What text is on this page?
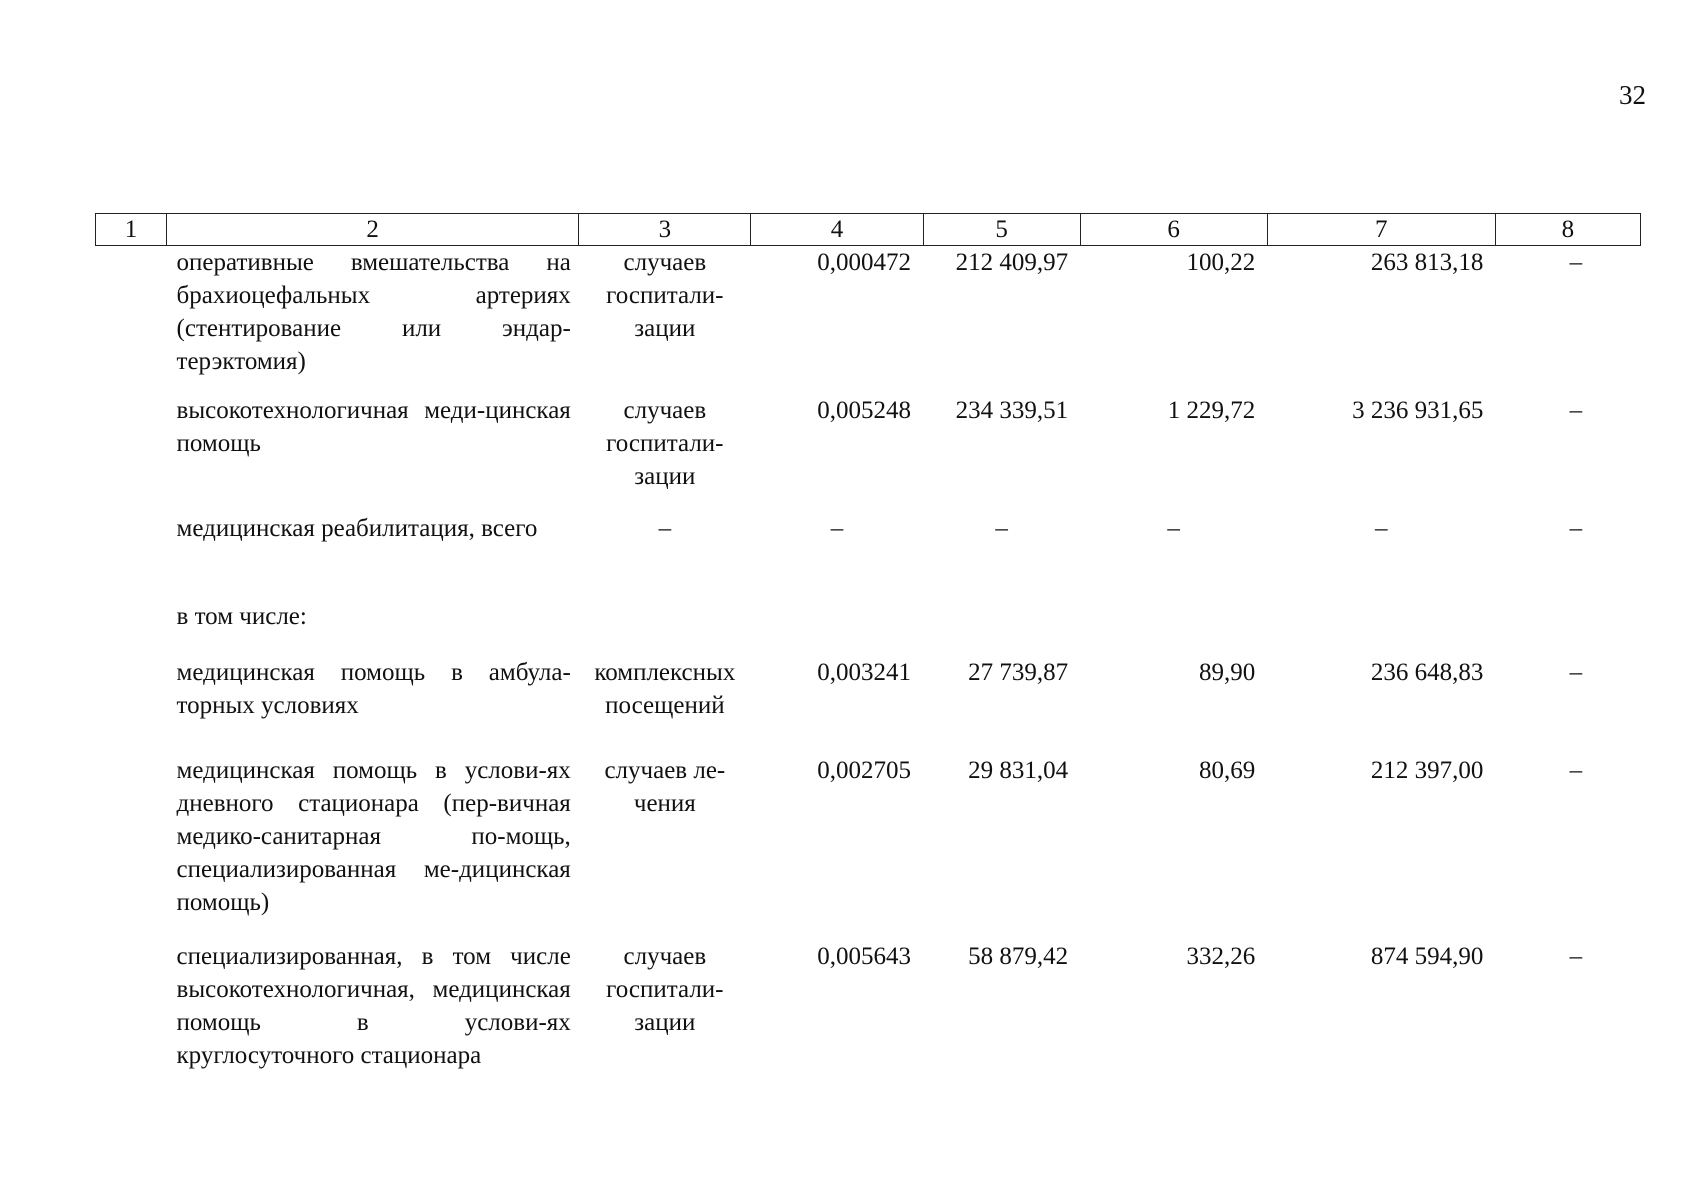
32
1	2	3	4	5	6	7	8
	оперативные вмешательства на брахиоцефальных артериях (стентирование или эндар-терэктомия)	случаев госпитали-зации	0,000472	212 409,97	100,22	263 813,18	–
	высокотехнологичная меди-цинская помощь	случаев госпитали-зации	0,005248	234 339,51	1 229,72	3 236 931,65	–
	медицинская реабилитация, всего	–	–	–	–	–	–
	в том числе:						
	медицинская помощь в амбула-торных условиях	комплексных посещений	0,003241	27 739,87	89,90	236 648,83	–
	медицинская помощь в услови-ях дневного стационара (пер-вичная медико-санитарная по-мощь, специализированная ме-дицинская помощь)	случаев ле-чения	0,002705	29 831,04	80,69	212 397,00	–
	специализированная, в том числе высокотехнологичная, медицинская помощь в услови-ях круглосуточного стационара	случаев госпитали-зации	0,005643	58 879,42	332,26	874 594,90	–
